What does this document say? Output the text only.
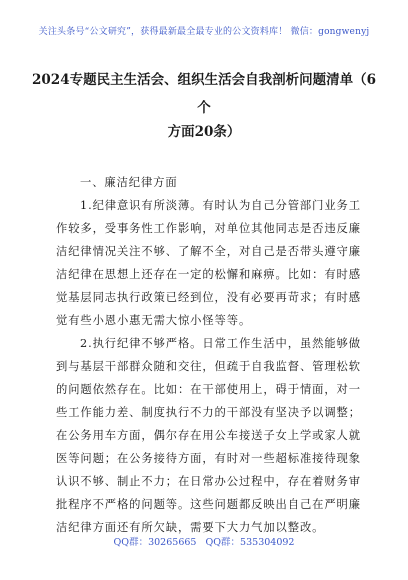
关注头条号“公文研究”，获得最新最全最专业的公文资料库！ 微信：gongwenyj
2024专题民主生活会、组织生活会自我剖析问题清单（6个
方面20条）
一、廉洁纪律方面
1.纪律意识有所淡薄。有时认为自己分管部门业务工
作较多，受事务性工作影响，对单位其他同志是否违反廉
洁纪律情况关注不够、了解不全，对自己是否带头遵守廉
洁纪律在思想上还存在一定的松懈和麻痹。比如：有时感
觉基层同志执行政策已经到位，没有必要再苛求；有时感
觉有些小恩小惠无需大惊小怪等等。
2.执行纪律不够严格。日常工作生活中，虽然能够做
到与基层干部群众随和交往，但疏于自我监督、管理松软
的问题依然存在。比如：在干部使用上，碍于情面，对一
些工作能力差、制度执行不力的干部没有坚决予以调整；
在公务用车方面，偶尔存在用公车接送子女上学或家人就
医等问题；在公务接待方面，有时对一些超标准接待现象
认识不够、制止不力；在日常办公过程中，存在着财务审
批程序不严格的问题等。这些问题都反映出自己在严明廉
洁纪律方面还有所欠缺，需要下大力气加以整改。
QQ群：30265665 QQ群：535304092
